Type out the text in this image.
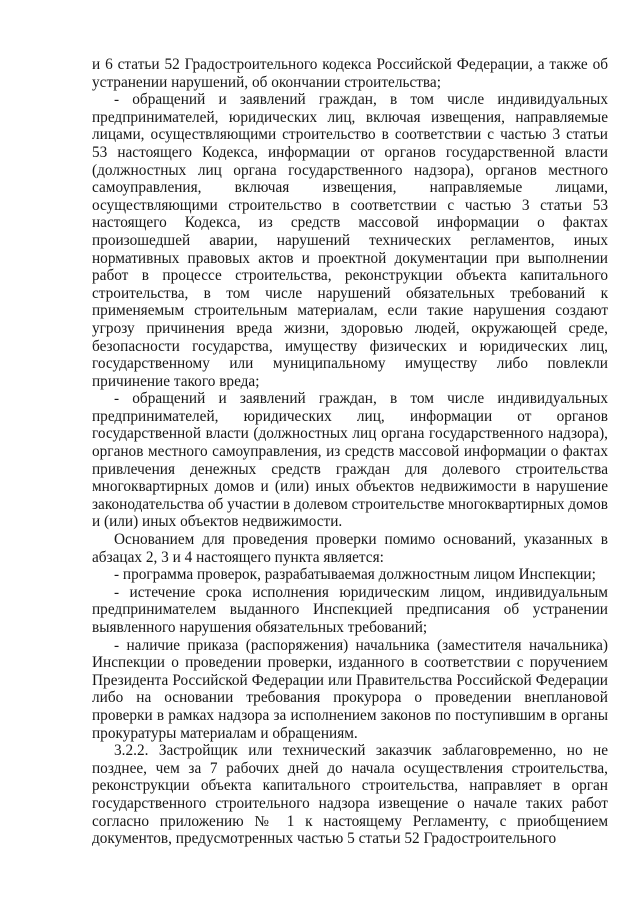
и 6 статьи 52 Градостроительного кодекса Российской Федерации, а также об устранении нарушений, об окончании строительства;

- обращений и заявлений граждан, в том числе индивидуальных предпринимателей, юридических лиц, включая извещения, направляемые лицами, осуществляющими строительство в соответствии с частью 3 статьи 53 настоящего Кодекса, информации от органов государственной власти (должностных лиц органа государственного надзора), органов местного самоуправления, включая извещения, направляемые лицами, осуществляющими строительство в соответствии с частью 3 статьи 53 настоящего Кодекса, из средств массовой информации о фактах произошедшей аварии, нарушений технических регламентов, иных нормативных правовых актов и проектной документации при выполнении работ в процессе строительства, реконструкции объекта капитального строительства, в том числе нарушений обязательных требований к применяемым строительным материалам, если такие нарушения создают угрозу причинения вреда жизни, здоровью людей, окружающей среде, безопасности государства, имуществу физических и юридических лиц, государственному или муниципальному имуществу либо повлекли причинение такого вреда;

- обращений и заявлений граждан, в том числе индивидуальных предпринимателей, юридических лиц, информации от органов государственной власти (должностных лиц органа государственного надзора), органов местного самоуправления, из средств массовой информации о фактах привлечения денежных средств граждан для долевого строительства многоквартирных домов и (или) иных объектов недвижимости в нарушение законодательства об участии в долевом строительстве многоквартирных домов и (или) иных объектов недвижимости.

Основанием для проведения проверки помимо оснований, указанных в абзацах 2, 3 и 4 настоящего пункта является:

- программа проверок, разрабатываемая должностным лицом Инспекции;

- истечение срока исполнения юридическим лицом, индивидуальным предпринимателем выданного Инспекцией предписания об устранении выявленного нарушения обязательных требований;

- наличие приказа (распоряжения) начальника (заместителя начальника) Инспекции о проведении проверки, изданного в соответствии с поручением Президента Российской Федерации или Правительства Российской Федерации либо на основании требования прокурора о проведении внеплановой проверки в рамках надзора за исполнением законов по поступившим в органы прокуратуры материалам и обращениям.

3.2.2. Застройщик или технический заказчик заблаговременно, но не позднее, чем за 7 рабочих дней до начала осуществления строительства, реконструкции объекта капитального строительства, направляет в орган государственного строительного надзора извещение о начале таких работ согласно приложению № 1 к настоящему Регламенту, с приобщением документов, предусмотренных частью 5 статьи 52 Градостроительного
